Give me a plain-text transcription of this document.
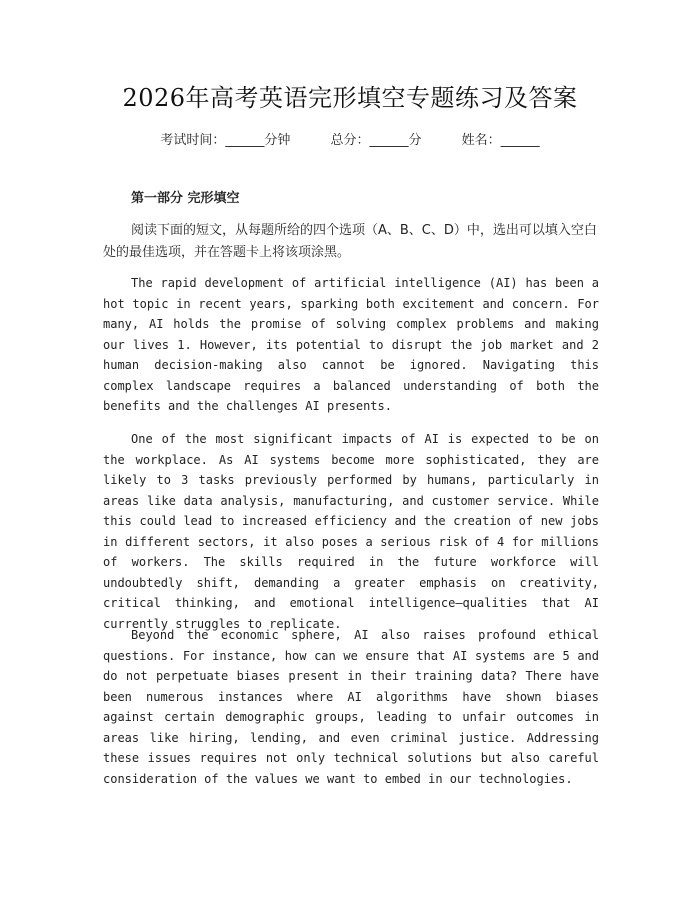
2026年高考英语完形填空专题练习及答案
考试时间：______分钟	总分：______分	姓名：______
第一部分 完形填空

阅读下面的短文，从每题所给的四个选项（A、B、C、D）中，选出可以填入空白处的最佳选项，并在答题卡上将该项涂黑。

The rapid development of artificial intelligence (AI) has been a hot topic in recent years, sparking both excitement and concern. For many, AI holds the promise of solving complex problems and making our lives 1. However, its potential to disrupt the job market and 2 human decision-making also cannot be ignored. Navigating this complex landscape requires a balanced understanding of both the benefits and the challenges AI presents.

One of the most significant impacts of AI is expected to be on the workplace. As AI systems become more sophisticated, they are likely to 3 tasks previously performed by humans, particularly in areas like data analysis, manufacturing, and customer service. While this could lead to increased efficiency and the creation of new jobs in different sectors, it also poses a serious risk of 4 for millions of workers. The skills required in the future workforce will undoubtedly shift, demanding a greater emphasis on creativity, critical thinking, and emotional intelligence—qualities that AI currently struggles to replicate.

Beyond the economic sphere, AI also raises profound ethical questions. For instance, how can we ensure that AI systems are 5 and do not perpetuate biases present in their training data? There have been numerous instances where AI algorithms have shown biases against certain demographic groups, leading to unfair outcomes in areas like hiring, lending, and even criminal justice. Addressing these issues requires not only technical solutions but also careful consideration of the values we want to embed in our technologies.
